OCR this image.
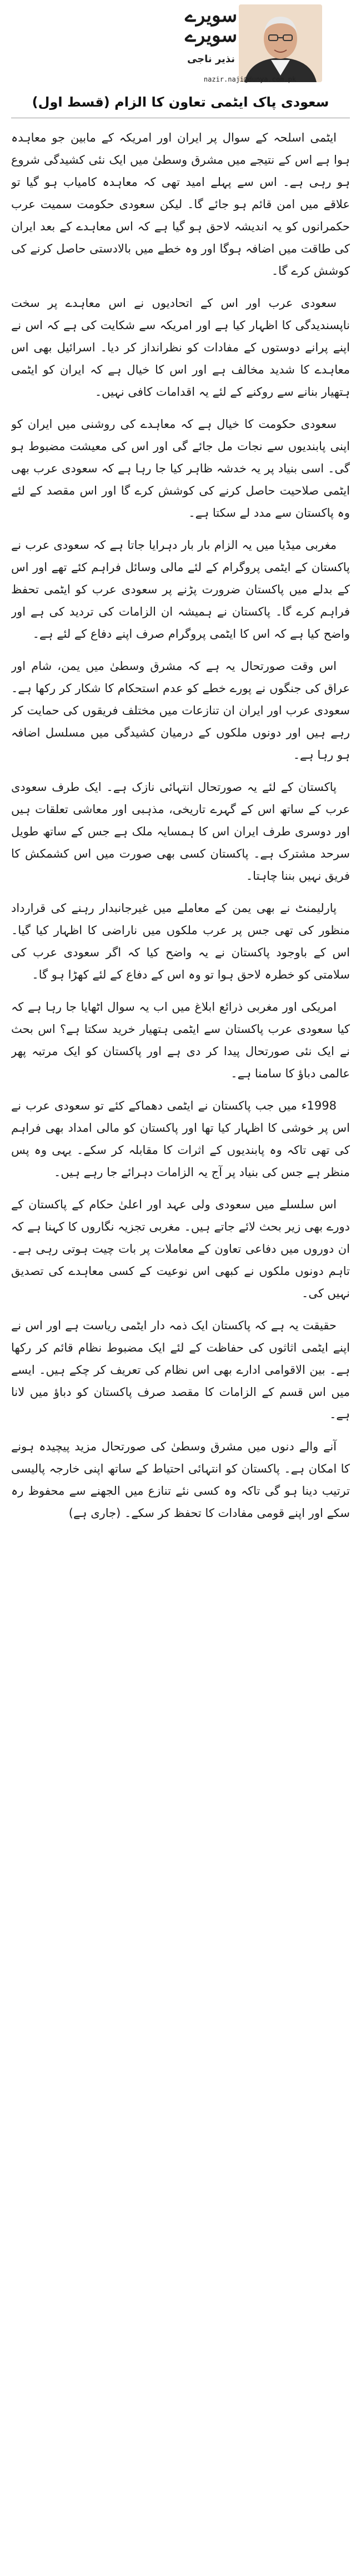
سویرے سویرے
نذیر ناجی
nazir.naji@dunya.com.pk
سعودی پاک ایٹمی تعاون کا الزام (قسط اول)

ایٹمی اسلحہ کے سوال پر ایران اور امریکہ کے مابین جو معاہدہ ہوا ہے اس کے نتیجے میں مشرق وسطیٰ میں ایک نئی کشیدگی شروع ہو رہی ہے۔ اس سے پہلے امید تھی کہ معاہدہ کامیاب ہو گیا تو علاقے میں امن قائم ہو جائے گا۔ لیکن سعودی حکومت سمیت عرب حکمرانوں کو یہ اندیشہ لاحق ہو گیا ہے کہ اس معاہدے کے بعد ایران کی طاقت میں اضافہ ہوگا اور وہ خطے میں بالادستی حاصل کرنے کی کوشش کرے گا۔

سعودی عرب اور اس کے اتحادیوں نے اس معاہدے پر سخت ناپسندیدگی کا اظہار کیا ہے اور امریکہ سے شکایت کی ہے کہ اس نے اپنے پرانے دوستوں کے مفادات کو نظرانداز کر دیا۔ اسرائیل بھی اس معاہدے کا شدید مخالف ہے اور اس کا خیال ہے کہ ایران کو ایٹمی ہتھیار بنانے سے روکنے کے لئے یہ اقدامات کافی نہیں۔

سعودی حکومت کا خیال ہے کہ معاہدے کی روشنی میں ایران کو اپنی پابندیوں سے نجات مل جائے گی اور اس کی معیشت مضبوط ہو گی۔ اسی بنیاد پر یہ خدشہ ظاہر کیا جا رہا ہے کہ سعودی عرب بھی ایٹمی صلاحیت حاصل کرنے کی کوشش کرے گا اور اس مقصد کے لئے وہ پاکستان سے مدد لے سکتا ہے۔

مغربی میڈیا میں یہ الزام بار بار دہرایا جاتا ہے کہ سعودی عرب نے پاکستان کے ایٹمی پروگرام کے لئے مالی وسائل فراہم کئے تھے اور اس کے بدلے میں پاکستان ضرورت پڑنے پر سعودی عرب کو ایٹمی تحفظ فراہم کرے گا۔ پاکستان نے ہمیشہ ان الزامات کی تردید کی ہے اور واضح کیا ہے کہ اس کا ایٹمی پروگرام صرف اپنے دفاع کے لئے ہے۔

اس وقت صورتحال یہ ہے کہ مشرق وسطیٰ میں یمن، شام اور عراق کی جنگوں نے پورے خطے کو عدم استحکام کا شکار کر رکھا ہے۔ سعودی عرب اور ایران ان تنازعات میں مختلف فریقوں کی حمایت کر رہے ہیں اور دونوں ملکوں کے درمیان کشیدگی میں مسلسل اضافہ ہو رہا ہے۔

پاکستان کے لئے یہ صورتحال انتہائی نازک ہے۔ ایک طرف سعودی عرب کے ساتھ اس کے گہرے تاریخی، مذہبی اور معاشی تعلقات ہیں اور دوسری طرف ایران اس کا ہمسایہ ملک ہے جس کے ساتھ طویل سرحد مشترک ہے۔ پاکستان کسی بھی صورت میں اس کشمکش کا فریق نہیں بننا چاہتا۔

پارلیمنٹ نے بھی یمن کے معاملے میں غیرجانبدار رہنے کی قرارداد منظور کی تھی جس پر عرب ملکوں میں ناراضی کا اظہار کیا گیا۔ اس کے باوجود پاکستان نے یہ واضح کیا کہ اگر سعودی عرب کی سلامتی کو خطرہ لاحق ہوا تو وہ اس کے دفاع کے لئے کھڑا ہو گا۔

امریکی اور مغربی ذرائع ابلاغ میں اب یہ سوال اٹھایا جا رہا ہے کہ کیا سعودی عرب پاکستان سے ایٹمی ہتھیار خرید سکتا ہے؟ اس بحث نے ایک نئی صورتحال پیدا کر دی ہے اور پاکستان کو ایک مرتبہ پھر عالمی دباؤ کا سامنا ہے۔

1998ء میں جب پاکستان نے ایٹمی دھماکے کئے تو سعودی عرب نے اس پر خوشی کا اظہار کیا تھا اور پاکستان کو مالی امداد بھی فراہم کی تھی تاکہ وہ پابندیوں کے اثرات کا مقابلہ کر سکے۔ یہی وہ پس منظر ہے جس کی بنیاد پر آج یہ الزامات دہرائے جا رہے ہیں۔

اس سلسلے میں سعودی ولی عہد اور اعلیٰ حکام کے پاکستان کے دورے بھی زیر بحث لائے جاتے ہیں۔ مغربی تجزیہ نگاروں کا کہنا ہے کہ ان دوروں میں دفاعی تعاون کے معاملات پر بات چیت ہوتی رہی ہے۔ تاہم دونوں ملکوں نے کبھی اس نوعیت کے کسی معاہدے کی تصدیق نہیں کی۔

حقیقت یہ ہے کہ پاکستان ایک ذمہ دار ایٹمی ریاست ہے اور اس نے اپنے ایٹمی اثاثوں کی حفاظت کے لئے ایک مضبوط نظام قائم کر رکھا ہے۔ بین الاقوامی ادارے بھی اس نظام کی تعریف کر چکے ہیں۔ ایسے میں اس قسم کے الزامات کا مقصد صرف پاکستان کو دباؤ میں لانا ہے۔

آنے والے دنوں میں مشرق وسطیٰ کی صورتحال مزید پیچیدہ ہونے کا امکان ہے۔ پاکستان کو انتہائی احتیاط کے ساتھ اپنی خارجہ پالیسی ترتیب دینا ہو گی تاکہ وہ کسی نئے تنازع میں الجھنے سے محفوظ رہ سکے اور اپنے قومی مفادات کا تحفظ کر سکے۔ (جاری ہے)
